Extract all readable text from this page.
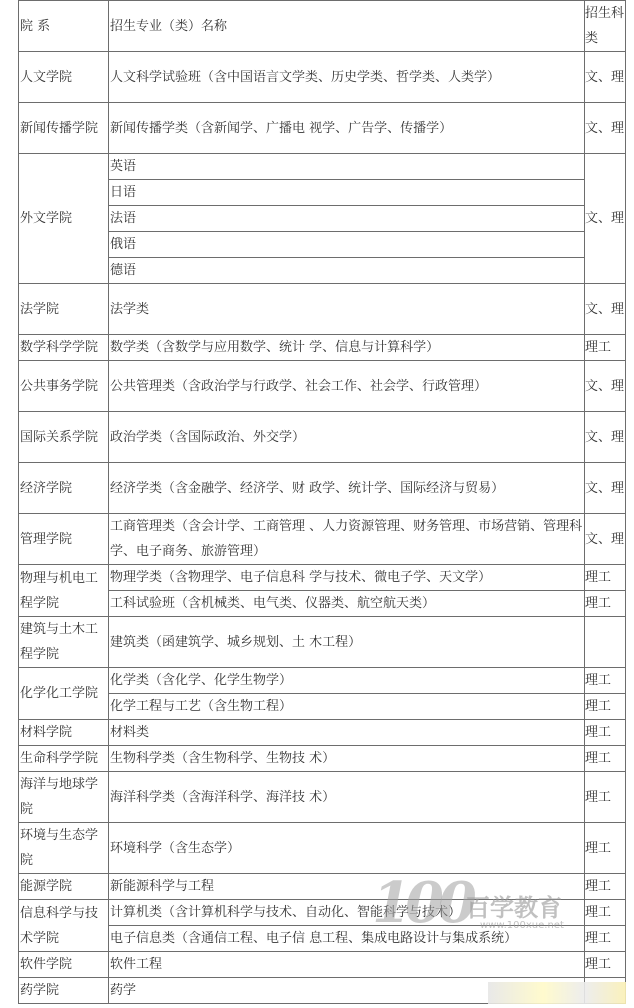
院 系	招生专业（类）名称	招生科类
人文学院	人文科学试验班（含中国语言文学类、历史学类、哲学类、人类学）	文、理
新闻传播学院	新闻传播学类（含新闻学、广播电 视学、广告学、传播学）	文、理
外文学院	英语	文、理
	日语	
	法语	
	俄语	
	德语	
法学院	法学类	文、理
数学科学学院	数学类（含数学与应用数学、统计 学、信息与计算科学）	理工
公共事务学院	公共管理类（含政治学与行政学、社会工作、社会学、行政管理）	文、理
国际关系学院	政治学类（含国际政治、外交学）	文、理
经济学院	经济学类（含金融学、经济学、财 政学、统计学、国际经济与贸易）	文、理
管理学院	工商管理类（含会计学、工商管理 、人力资源管理、财务管理、市场营销、管理科学、电子商务、旅游管理）	文、理
物理与机电工程学院	物理学类（含物理学、电子信息科 学与技术、微电子学、天文学）	理工
	工科试验班（含机械类、电气类、仪器类、航空航天类）	理工
建筑与土木工程学院	建筑类（函建筑学、城乡规划、土 木工程）	
化学化工学院	化学类（含化学、化学生物学）	理工
	化学工程与工艺（含生物工程）	理工
材料学院	材料类	理工
生命科学学院	生物科学类（含生物科学、生物技 术）	理工
海洋与地球学院	海洋科学类（含海洋科学、海洋技 术）	理工
环境与生态学院	环境科学（含生态学）	理工
能源学院	新能源科学与工程	理工
信息科学与技术学院	计算机类（含计算机科学与技术、自动化、智能科学与技术）	理工
	电子信息类（含通信工程、电子信 息工程、集成电路设计与集成系统）	理工
软件学院	软件工程	理工
药学院	药学	
100
百学教育
www.100xue.net
